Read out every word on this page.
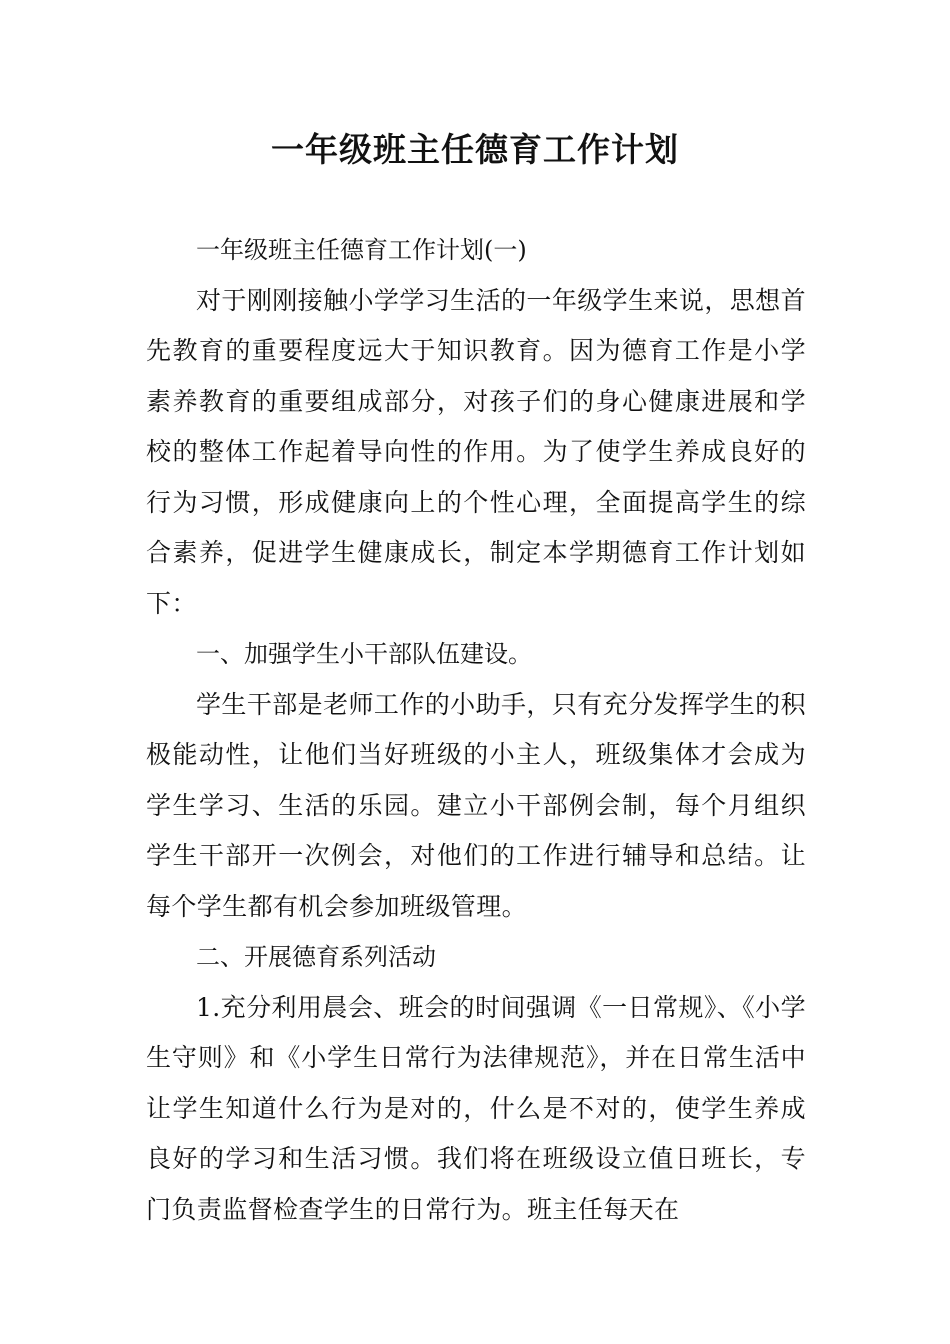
一年级班主任德育工作计划

一年级班主任德育工作计划(一)

对于刚刚接触小学学习生活的一年级学生来说，思想首先教育的重要程度远大于知识教育。因为德育工作是小学素养教育的重要组成部分，对孩子们的身心健康进展和学校的整体工作起着导向性的作用。为了使学生养成良好的行为习惯，形成健康向上的个性心理，全面提高学生的综合素养，促进学生健康成长，制定本学期德育工作计划如下：

一、加强学生小干部队伍建设。

学生干部是老师工作的小助手，只有充分发挥学生的积极能动性，让他们当好班级的小主人，班级集体才会成为学生学习、生活的乐园。建立小干部例会制，每个月组织学生干部开一次例会，对他们的工作进行辅导和总结。让每个学生都有机会参加班级管理。

二、开展德育系列活动

1.充分利用晨会、班会的时间强调《一日常规》、《小学生守则》和《小学生日常行为法律规范》，并在日常生活中让学生知道什么行为是对的，什么是不对的，使学生养成良好的学习和生活习惯。我们将在班级设立值日班长，专门负责监督检查学生的日常行为。班主任每天在
